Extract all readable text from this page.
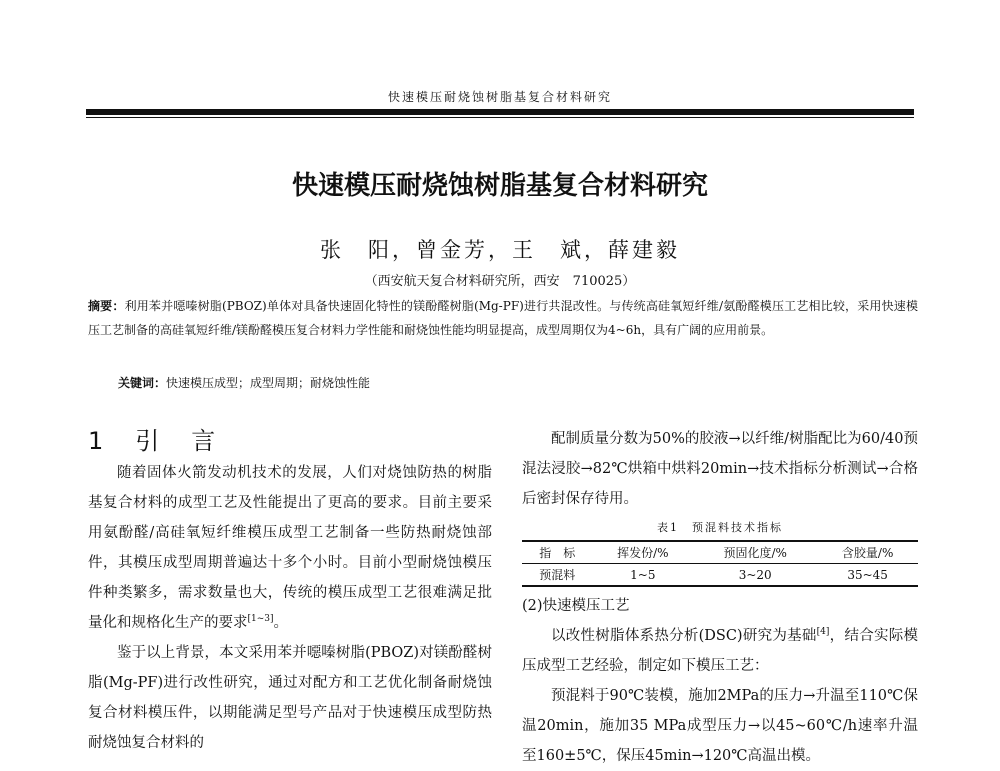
快速模压耐烧蚀树脂基复合材料研究
快速模压耐烧蚀树脂基复合材料研究
张　阳，曾金芳，王　斌，薛建毅
（西安航天复合材料研究所，西安　710025）
摘要：利用苯并噁嗪树脂(PBOZ)单体对具备快速固化特性的镁酚醛树脂(Mg-PF)进行共混改性。与传统高硅氧短纤维/氨酚醛模压工艺相比较，采用快速模压工艺制备的高硅氧短纤维/镁酚醛模压复合材料力学性能和耐烧蚀性能均明显提高，成型周期仅为4~6h，具有广阔的应用前景。
关键词：快速模压成型；成型周期；耐烧蚀性能
1　引　言

随着固体火箭发动机技术的发展，人们对烧蚀防热的树脂基复合材料的成型工艺及性能提出了更高的要求。目前主要采用氨酚醛/高硅氧短纤维模压成型工艺制备一些防热耐烧蚀部件，其模压成型周期普遍达十多个小时。目前小型耐烧蚀模压件种类繁多，需求数量也大，传统的模压成型工艺很难满足批量化和规格化生产的要求[1~3]。

鉴于以上背景，本文采用苯并噁嗪树脂(PBOZ)对镁酚醛树脂(Mg-PF)进行改性研究，通过对配方和工艺优化制备耐烧蚀复合材料模压件，以期能满足型号产品对于快速模压成型防热耐烧蚀复合材料的

配制质量分数为50%的胶液→以纤维/树脂配比为60/40预混法浸胶→82℃烘箱中烘料20min→技术指标分析测试→合格后密封保存待用。

表1　预混料技术指标
指　标	挥发份/%	预固化度/%	含胶量/%
预混料	1~5	3~20	35~45
(2)快速模压工艺

以改性树脂体系热分析(DSC)研究为基础[4]，结合实际模压成型工艺经验，制定如下模压工艺：

预混料于90℃装模，施加2MPa的压力→升温至110℃保温20min，施加35 MPa成型压力→以45~60℃/h速率升温至160±5℃，保压45min→120℃高温出模。
